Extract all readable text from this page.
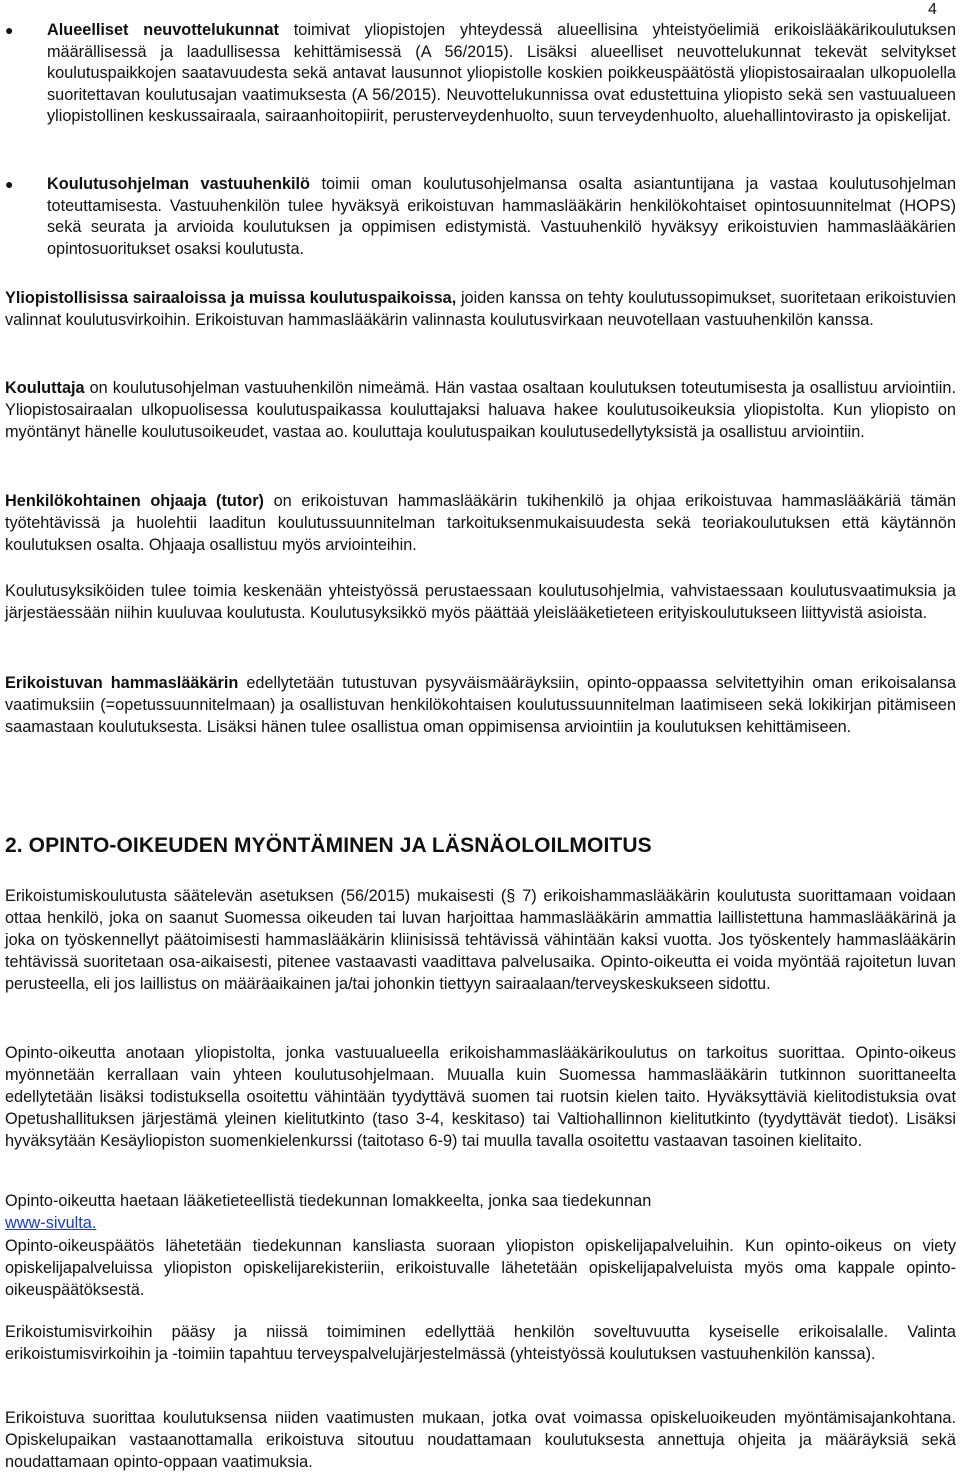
4
● Alueelliset neuvottelukunnat toimivat yliopistojen yhteydessä alueellisina yhteistyöelimiä erikoislääkärikoulutuksen määrällisessä ja laadullisessa kehittämisessä (A 56/2015). Lisäksi alueelliset neuvottelukunnat tekevät selvitykset koulutuspaikkojen saatavuudesta sekä antavat lausunnot yliopistolle koskien poikkeuspäätöstä yliopistosairaalan ulkopuolella suoritettavan koulutusajan vaatimuksesta (A 56/2015). Neuvottelukunnissa ovat edustettuina yliopisto sekä sen vastuualueen yliopistollinen keskussairaala, sairaanhoitopiirit, perusterveydenhuolto, suun terveydenhuolto, aluehallintovirasto ja opiskelijat.
● Koulutusohjelman vastuuhenkilö toimii oman koulutusohjelmansa osalta asiantuntijana ja vastaa koulutusohjelman toteuttamisesta. Vastuuhenkilön tulee hyväksyä erikoistuvan hammaslääkärin henkilökohtaiset opintosuunnitelmat (HOPS) sekä seurata ja arvioida koulutuksen ja oppimisen edistymistä. Vastuuhenkilö hyväksyy erikoistuvien hammaslääkärien opintosuoritukset osaksi koulutusta.

Yliopistollisissa sairaaloissa ja muissa koulutuspaikoissa, joiden kanssa on tehty koulutussopimukset, suoritetaan erikoistuvien valinnat koulutusvirkoihin. Erikoistuvan hammaslääkärin valinnasta koulutusvirkaan neuvotellaan vastuuhenkilön kanssa.

Kouluttaja on koulutusohjelman vastuuhenkilön nimeämä. Hän vastaa osaltaan koulutuksen toteutumisesta ja osallistuu arviointiin. Yliopistosairaalan ulkopuolisessa koulutuspaikassa kouluttajaksi haluava hakee koulutusoikeuksia yliopistolta. Kun yliopisto on myöntänyt hänelle koulutusoikeudet, vastaa ao. kouluttaja koulutuspaikan koulutusedellytyksistä ja osallistuu arviointiin.

Henkilökohtainen ohjaaja (tutor) on erikoistuvan hammaslääkärin tukihenkilö ja ohjaa erikoistuvaa hammaslääkäriä tämän työtehtävissä ja huolehtii laaditun koulutussuunnitelman tarkoituksenmukaisuudesta sekä teoriakoulutuksen että käytännön koulutuksen osalta. Ohjaaja osallistuu myös arviointeihin.

Koulutusyksiköiden tulee toimia keskenään yhteistyössä perustaessaan koulutusohjelmia, vahvistaessaan koulutusvaatimuksia ja järjestäessään niihin kuuluvaa koulutusta. Koulutusyksikkö myös päättää yleislääketieteen erityiskoulutukseen liittyvistä asioista.

Erikoistuvan hammaslääkärin edellytetään tutustuvan pysyväismääräyksiin, opinto-oppaassa selvitettyihin oman erikoisalansa vaatimuksiin (=opetussuunnitelmaan) ja osallistuvan henkilökohtaisen koulutussuunnitelman laatimiseen sekä lokikirjan pitämiseen saamastaan koulutuksesta. Lisäksi hänen tulee osallistua oman oppimisensa arviointiin ja koulutuksen kehittämiseen.

2. OPINTO-OIKEUDEN MYÖNTÄMINEN JA LÄSNÄOLOILMOITUS

Erikoistumiskoulutusta säätelevän asetuksen (56/2015) mukaisesti (§ 7) erikoishammaslääkärin koulutusta suorittamaan voidaan ottaa henkilö, joka on saanut Suomessa oikeuden tai luvan harjoittaa hammaslääkärin ammattia laillistettuna hammaslääkärinä ja joka on työskennellyt päätoimisesti hammaslääkärin kliinisissä tehtävissä vähintään kaksi vuotta. Jos työskentely hammaslääkärin tehtävissä suoritetaan osa-aikaisesti, pitenee vastaavasti vaadittava palvelusaika. Opinto-oikeutta ei voida myöntää rajoitetun luvan perusteella, eli jos laillistus on määräaikainen ja/tai johonkin tiettyyn sairaalaan/terveyskeskukseen sidottu.

Opinto-oikeutta anotaan yliopistolta, jonka vastuualueella erikoishammaslääkärikoulutus on tarkoitus suorittaa. Opinto-oikeus myönnetään kerrallaan vain yhteen koulutusohjelmaan. Muualla kuin Suomessa hammaslääkärin tutkinnon suorittaneelta edellytetään lisäksi todistuksella osoitettu vähintään tyydyttävä suomen tai ruotsin kielen taito. Hyväksyttäviä kielitodistuksia ovat Opetushallituksen järjestämä yleinen kielitutkinto (taso 3-4, keskitaso) tai Valtiohallinnon kielitutkinto (tyydyttävät tiedot). Lisäksi hyväksytään Kesäyliopiston suomenkielenkurssi (taitotaso 6-9) tai muulla tavalla osoitettu vastaavan tasoinen kielitaito.

Opinto-oikeutta haetaan lääketieteellistä tiedekunnan lomakkeelta, jonka saa tiedekunnan www-sivulta.

Opinto-oikeuspäätös lähetetään tiedekunnan kansliasta suoraan yliopiston opiskelijapalveluihin. Kun opinto-oikeus on viety opiskelijapalveluissa yliopiston opiskelijarekisteriin, erikoistuvalle lähetetään opiskelijapalveluista myös oma kappale opinto-oikeuspäätöksestä.

Erikoistumisvirkoihin pääsy ja niissä toimiminen edellyttää henkilön soveltuvuutta kyseiselle erikoisalalle. Valinta erikoistumisvirkoihin ja -toimiin tapahtuu terveyspalvelujärjestelmässä (yhteistyössä koulutuksen vastuuhenkilön kanssa).

Erikoistuva suorittaa koulutuksensa niiden vaatimusten mukaan, jotka ovat voimassa opiskeluoikeuden myöntämisajankohtana. Opiskelupaikan vastaanottamalla erikoistuva sitoutuu noudattamaan koulutuksesta annettuja ohjeita ja määräyksiä sekä noudattamaan opinto-oppaan vaatimuksia.
